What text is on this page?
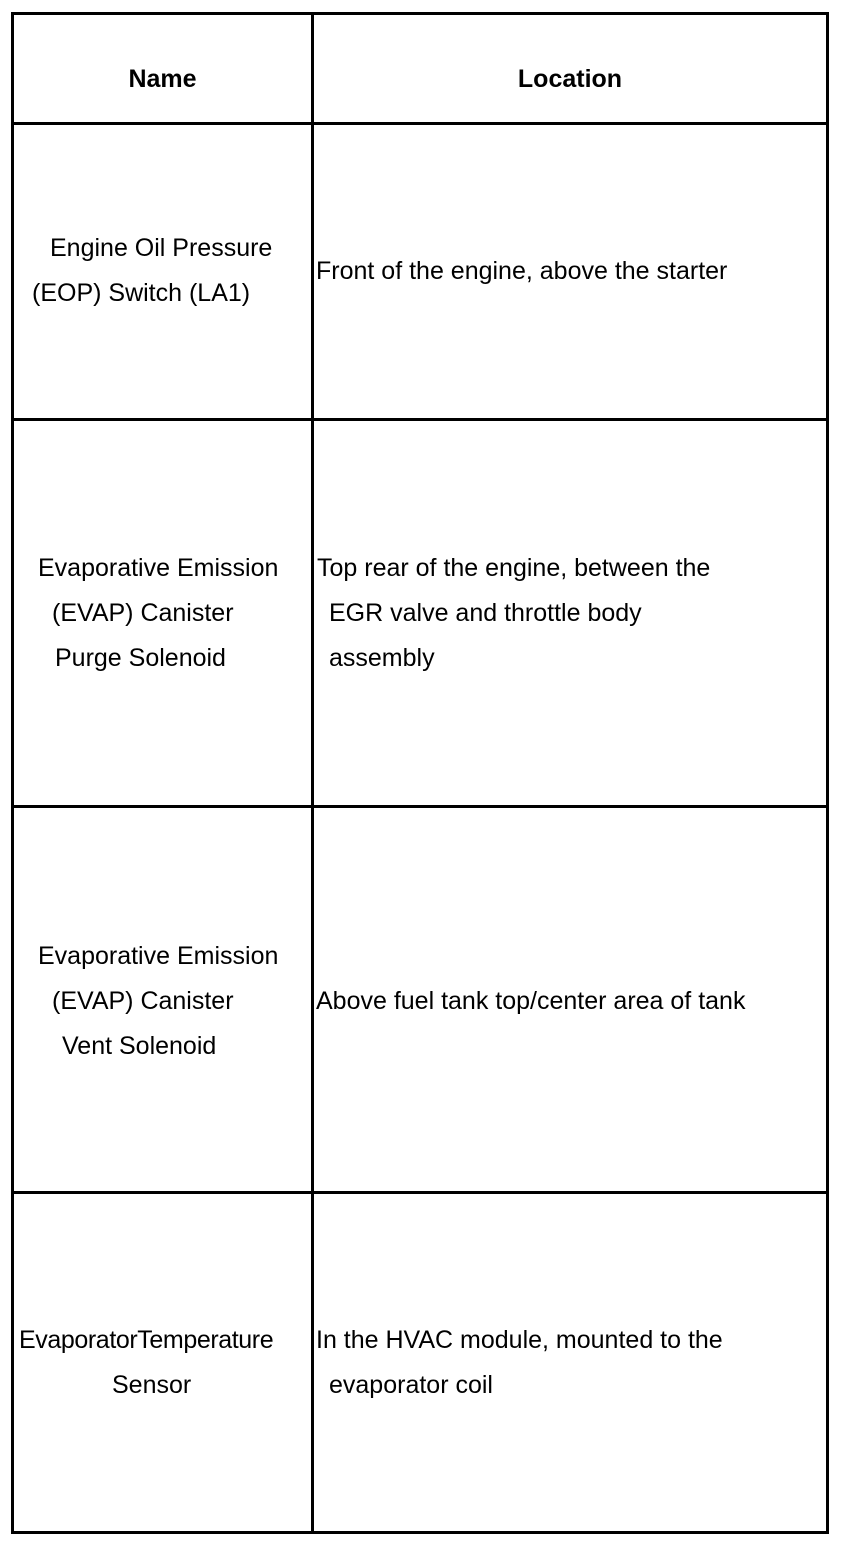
Name	Location
Engine Oil Pressure
(EOP) Switch (LA1)
Front of the engine, above the starter
Evaporative Emission
(EVAP) Canister
Purge Solenoid
Top rear of the engine, between the
EGR valve and throttle body
assembly
Evaporative Emission
(EVAP) Canister
Vent Solenoid
Above fuel tank top/center area of tank
EvaporatorTemperature
Sensor
In the HVAC module, mounted to the
evaporator coil
